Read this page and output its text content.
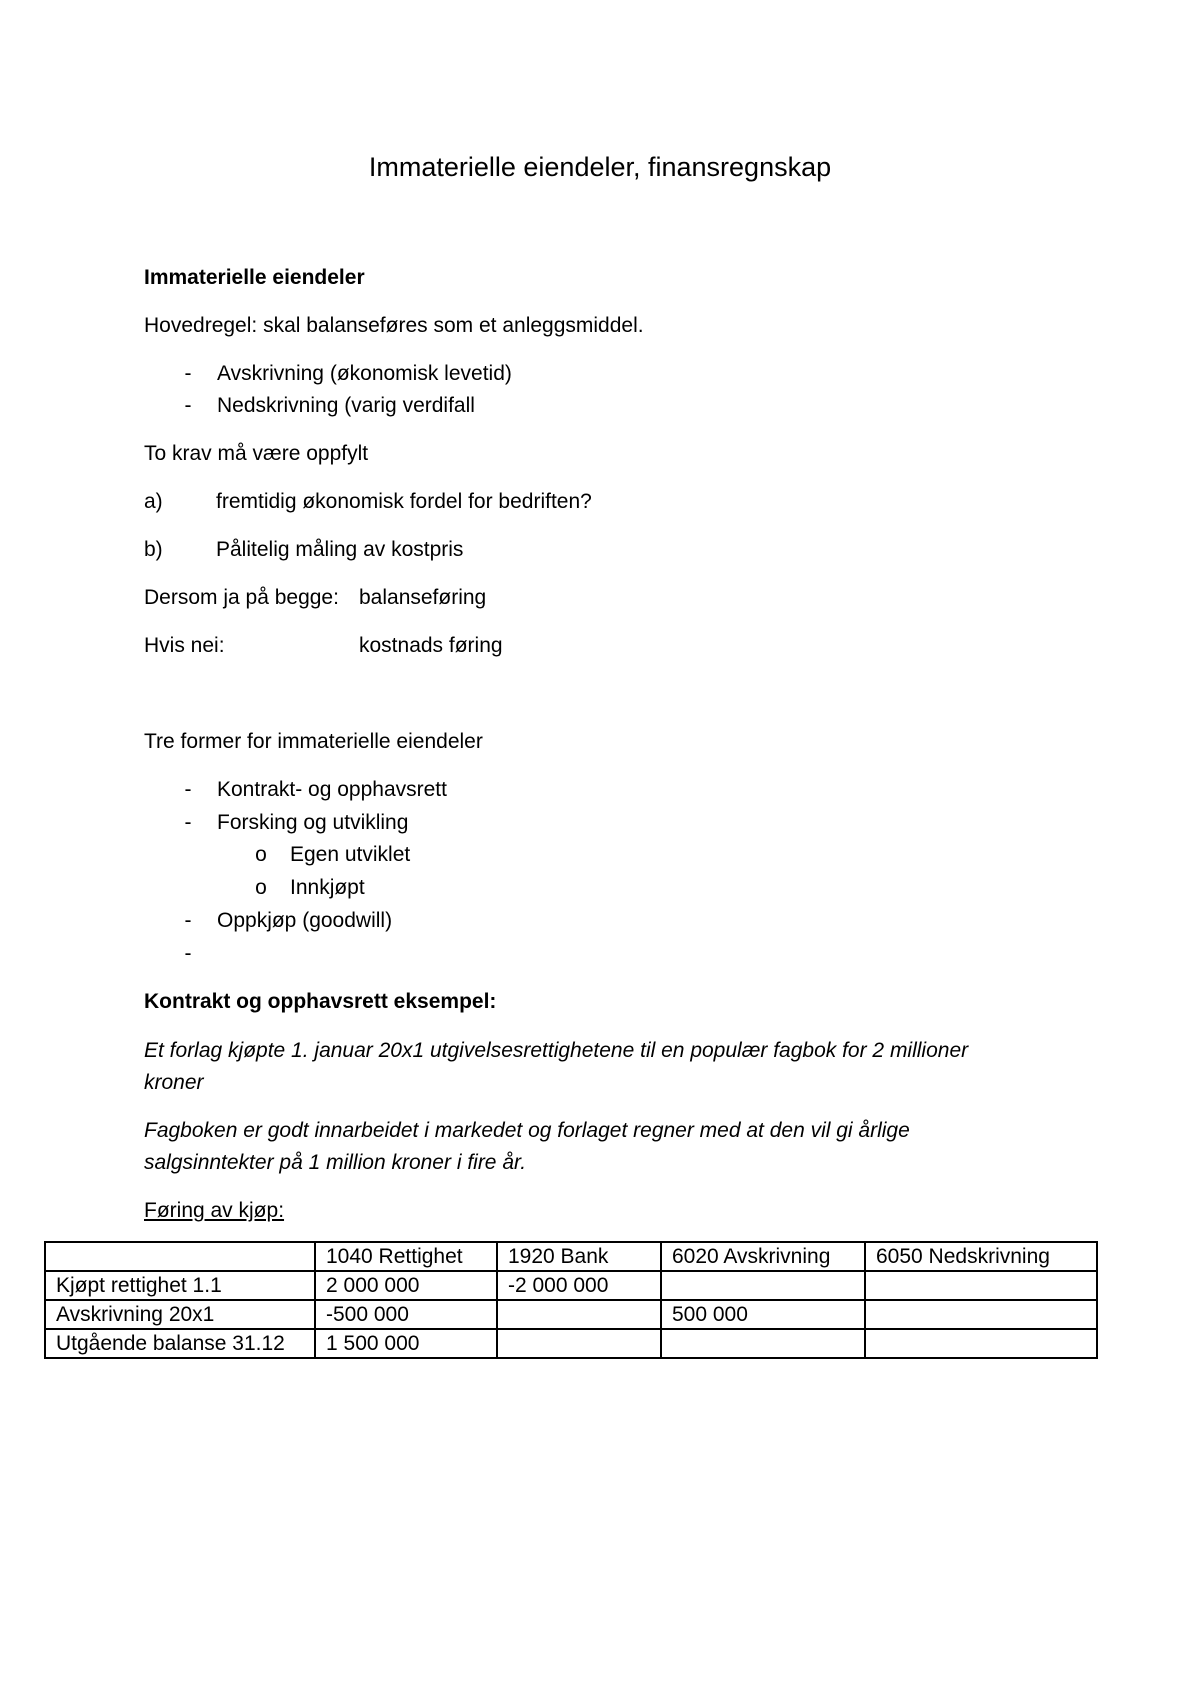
Immaterielle eiendeler, finansregnskap
Immaterielle eiendeler
Hovedregel: skal balanseføres som et anleggsmiddel.
-	Avskrivning (økonomisk levetid)
-	Nedskrivning (varig verdifall
To krav må være oppfylt
a)	fremtidig økonomisk fordel for bedriften?
b)	Pålitelig måling av kostpris
Dersom ja på begge: balanseføring
Hvis nei:	kostnads føring
Tre former for immaterielle eiendeler
-	Kontrakt- og opphavsrett
-	Forsking og utvikling
o Egen utviklet
o Innkjøpt
-	Oppkjøp (goodwill)
-
Kontrakt og opphavsrett eksempel:
Et forlag kjøpte 1. januar 20x1 utgivelsesrettighetene til en populær fagbok for 2 millioner
kroner
Fagboken er godt innarbeidet i markedet og forlaget regner med at den vil gi årlige
salgsinntekter på 1 million kroner i fire år.
Føring av kjøp:
	1040 Rettighet	1920 Bank	6020 Avskrivning	6050 Nedskrivning
Kjøpt rettighet 1.1	2 000 000	-2 000 000		
Avskrivning 20x1	-500 000		500 000	
Utgående balanse 31.12	1 500 000			
